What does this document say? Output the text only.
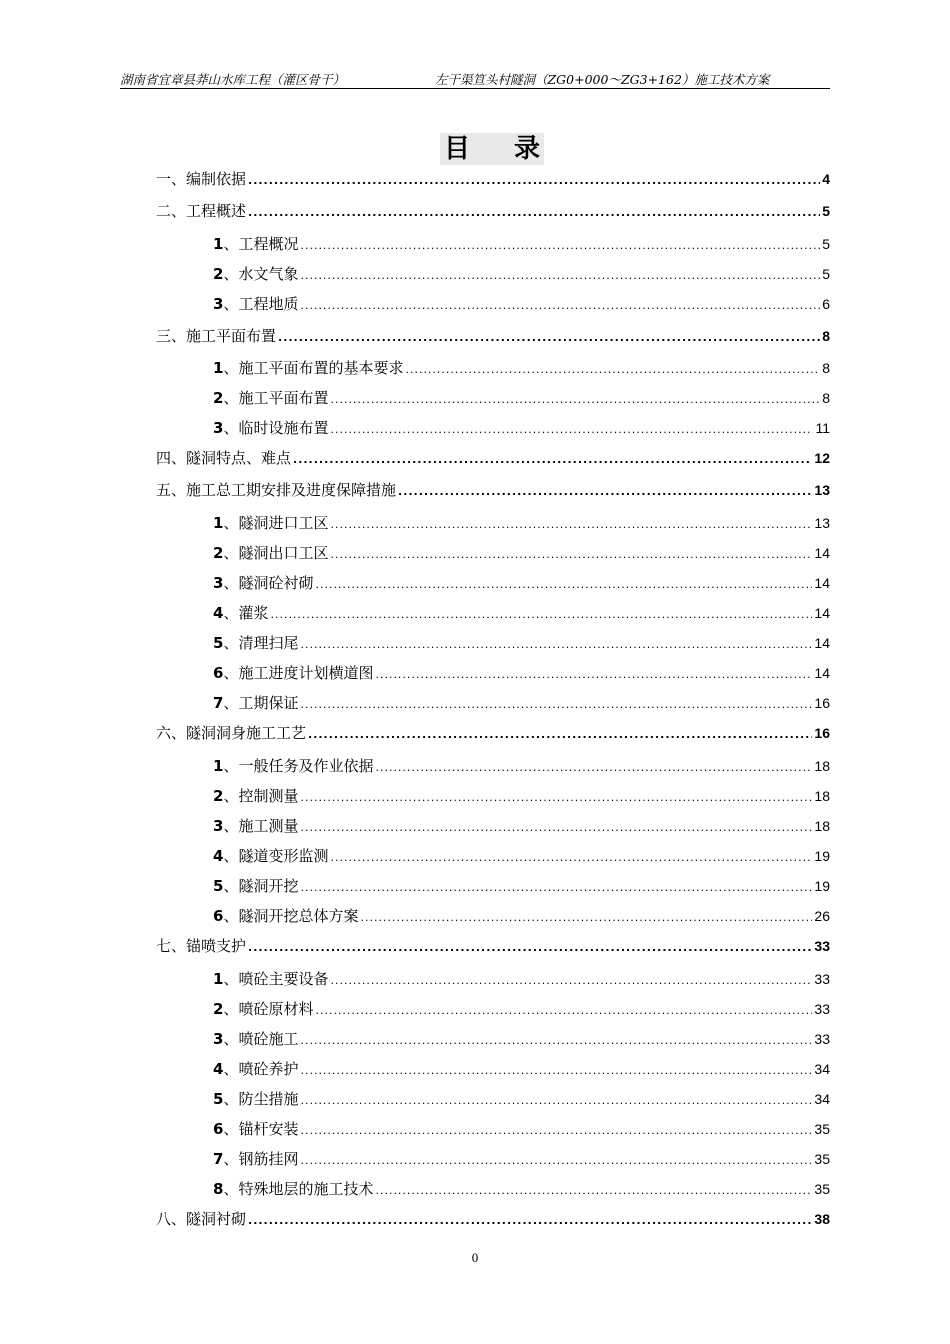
湖南省宜章县莽山水库工程（灌区骨干）	左干渠笪头村隧洞（ZG0+000～ZG3+162）施工技术方案
目 录
一、编制依据 .....	4
二、工程概述 .....	5
1 、工程概况 .....	5
2 、水文气象 .....	5
3 、工程地质 .....	6
三、施工平面布置 .....	8
1 、施工平面布置的基本要求 .....	8
2 、施工平面布置 .....	8
3 、临时设施布置 .....	11
四、隧洞特点、难点 .....	12
五、施工总工期安排及进度保障措施 .....	13
1 、隧洞进口工区 .....	13
2 、隧洞出口工区 .....	14
3 、隧洞砼衬砌 .....	14
4 、灌浆 .....	14
5 、清理扫尾 .....	14
6 、施工进度计划横道图 .....	14
7 、工期保证 .....	16
六、隧洞洞身施工工艺 .....	16
1 、一般任务及作业依据 .....	18
2 、控制测量 .....	18
3 、施工测量 .....	18
4 、隧道变形监测 .....	19
5 、隧洞开挖 .....	19
6 、隧洞开挖总体方案 .....	26
七、锚喷支护 .....	33
1 、喷砼主要设备 .....	33
2 、喷砼原材料 .....	33
3 、喷砼施工 .....	33
4 、喷砼养护 .....	34
5 、防尘措施 .....	34
6 、锚杆安装 .....	35
7 、钢筋挂网 .....	35
8 、特殊地层的施工技术 .....	35
八、隧洞衬砌 .....	38
0
